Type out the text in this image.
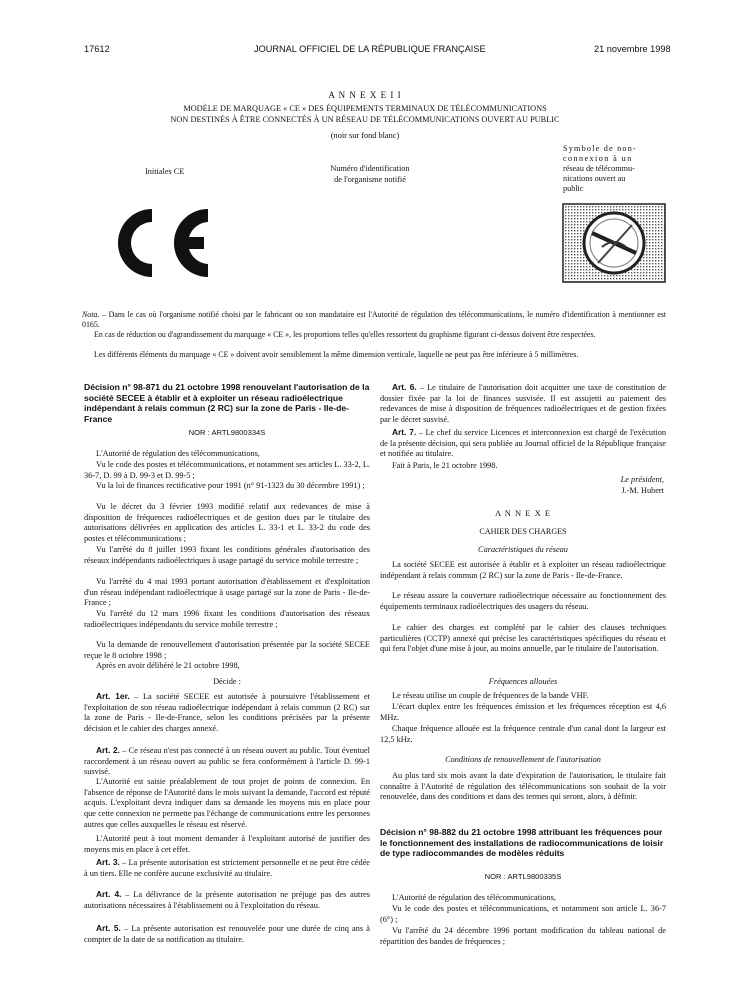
17612	JOURNAL OFFICIEL DE LA RÉPUBLIQUE FRANÇAISE	21 novembre 1998
A N N E X E I I
MODÈLE DE MARQUAGE « CE » DES ÉQUIPEMENTS TERMINAUX DE TÉLÉCOMMUNICATIONS
NON DESTINÉS À ÊTRE CONNECTÉS À UN RÉSEAU DE TÉLÉCOMMUNICATIONS OUVERT AU PUBLIC
(noir sur fond blanc)
Initiales CE	Numéro d'identification
de l'organisme notifié
Symbole de non-
connexion à un
réseau de télécommu-
nications ouvert au
public

Nota. – Dans le cas où l'organisme notifié choisi par le fabricant ou son mandataire est l'Autorité de régulation des télécommunications, le numéro d'identification à mentionner est 0165.

En cas de réduction ou d'agrandissement du marquage « CE », les proportions telles qu'elles ressortent du graphisme figurant ci-dessus doivent être respectées.

Les différents éléments du marquage « CE » doivent avoir sensiblement la même dimension verticale, laquelle ne peut pas être inférieure à 5 millimètres.

Décision n° 98-871 du 21 octobre 1998 renouvelant l'autorisation de la société SECEE à établir et à exploiter un réseau radioélectrique indépendant à relais commun (2 RC) sur la zone de Paris - Ile-de-France

NOR : ARTL9800334S

L'Autorité de régulation des télécommunications,

Vu le code des postes et télécommunications, et notamment ses articles L. 33-2, L. 36-7, D. 99 à D. 99-3 et D. 99-5 ;

Vu la loi de finances rectificative pour 1991 (n° 91-1323 du 30 décembre 1991) ;

Vu le décret du 3 février 1993 modifié relatif aux redevances de mise à disposition de fréquences radioélectriques et de gestion dues par le titulaire des autorisations délivrées en application des articles L. 33-1 et L. 33-2 du code des postes et télécommunications ;

Vu l'arrêté du 8 juillet 1993 fixant les conditions générales d'autorisation des réseaux indépendants radioélectriques à usage partagé du service mobile terrestre ;

Vu l'arrêté du 4 mai 1993 portant autorisation d'établissement et d'exploitation d'un réseau indépendant radioélectrique à usage partagé sur la zone de Paris - Ile-de-France ;

Vu l'arrêté du 12 mars 1996 fixant les conditions d'autorisation des réseaux radioélectriques indépendants du service mobile terrestre ;

Vu la demande de renouvellement d'autorisation présentée par la société SECEE reçue le 8 octobre 1998 ;

Après en avoir délibéré le 21 octobre 1998,

Décide :

Art. 1er. – La société SECEE est autorisée à poursuivre l'établissement et l'exploitation de son réseau radioélectrique indépendant à relais commun (2 RC) sur la zone de Paris - Ile-de-France, selon les conditions précisées par la présente décision et le cahier des charges annexé.

Art. 2. – Ce réseau n'est pas connecté à un réseau ouvert au public. Tout éventuel raccordement à un réseau ouvert au public se fera conformément à l'article D. 99-1 susvisé.

L'Autorité est saisie préalablement de tout projet de points de connexion. En l'absence de réponse de l'Autorité dans le mois suivant la demande, l'accord est réputé acquis. L'exploitant devra indiquer dans sa demande les moyens mis en place pour que cette connexion ne permette pas l'échange de communications entre les personnes autres que celles auxquelles le réseau est réservé.

L'Autorité peut à tout moment demander à l'exploitant autorisé de justifier des moyens mis en place à cet effet.

Art. 3. – La présente autorisation est strictement personnelle et ne peut être cédée à un tiers. Elle ne confère aucune exclusivité au titulaire.

Art. 4. – La délivrance de la présente autorisation ne préjuge pas des autres autorisations nécessaires à l'établissement ou à l'exploitation du réseau.

Art. 5. – La présente autorisation est renouvelée pour une durée de cinq ans à compter de la date de sa notification au titulaire.

Art. 6. – Le titulaire de l'autorisation doit acquitter une taxe de constitution de dossier fixée par la loi de finances susvisée. Il est assujetti au paiement des redevances de mise à disposition de fréquences radioélectriques et de gestion fixées par le décret susvisé.

Art. 7. – Le chef du service Licences et interconnexion est chargé de l'exécution de la présente décision, qui sera publiée au Journal officiel de la République française et notifiée au titulaire.

Fait à Paris, le 21 octobre 1998.

Le président,
J.-M. Hubert
A N N E X E
CAHIER DES CHARGES
Caractéristiques du réseau

La société SECEE est autorisée à établir et à exploiter un réseau radioélectrique indépendant à relais commun (2 RC) sur la zone de Paris - Ile-de-France.

Le réseau assure la couverture radioélectrique nécessaire au fonctionnement des équipements terminaux radioélectriques des usagers du réseau.

Le cahier des charges est complété par le cahier des clauses techniques particulières (CCTP) annexé qui précise les caractéristiques spécifiques du réseau et qui fera l'objet d'une mise à jour, au moins annuelle, par le titulaire de l'autorisation.

Fréquences allouées

Le réseau utilise un couple de fréquences de la bande VHF.

L'écart duplex entre les fréquences émission et les fréquences réception est 4,6 MHz.

Chaque fréquence allouée est la fréquence centrale d'un canal dont la largeur est 12,5 kHz.

Conditions de renouvellement de l'autorisation

Au plus tard six mois avant la date d'expiration de l'autorisation, le titulaire fait connaître à l'Autorité de régulation des télécommunications son souhait de la voir renouvelée, dans des conditions et dans des termes qui seront, alors, à définir.

Décision n° 98-882 du 21 octobre 1998 attribuant les fréquences pour le fonctionnement des installations de radiocommunications de loisir de type radiocommandes de modèles réduits

NOR : ARTL9800335S

L'Autorité de régulation des télécommunications,

Vu le code des postes et télécommunications, et notamment son article L. 36-7 (6°) ;

Vu l'arrêté du 24 décembre 1996 portant modification du tableau national de répartition des bandes de fréquences ;
